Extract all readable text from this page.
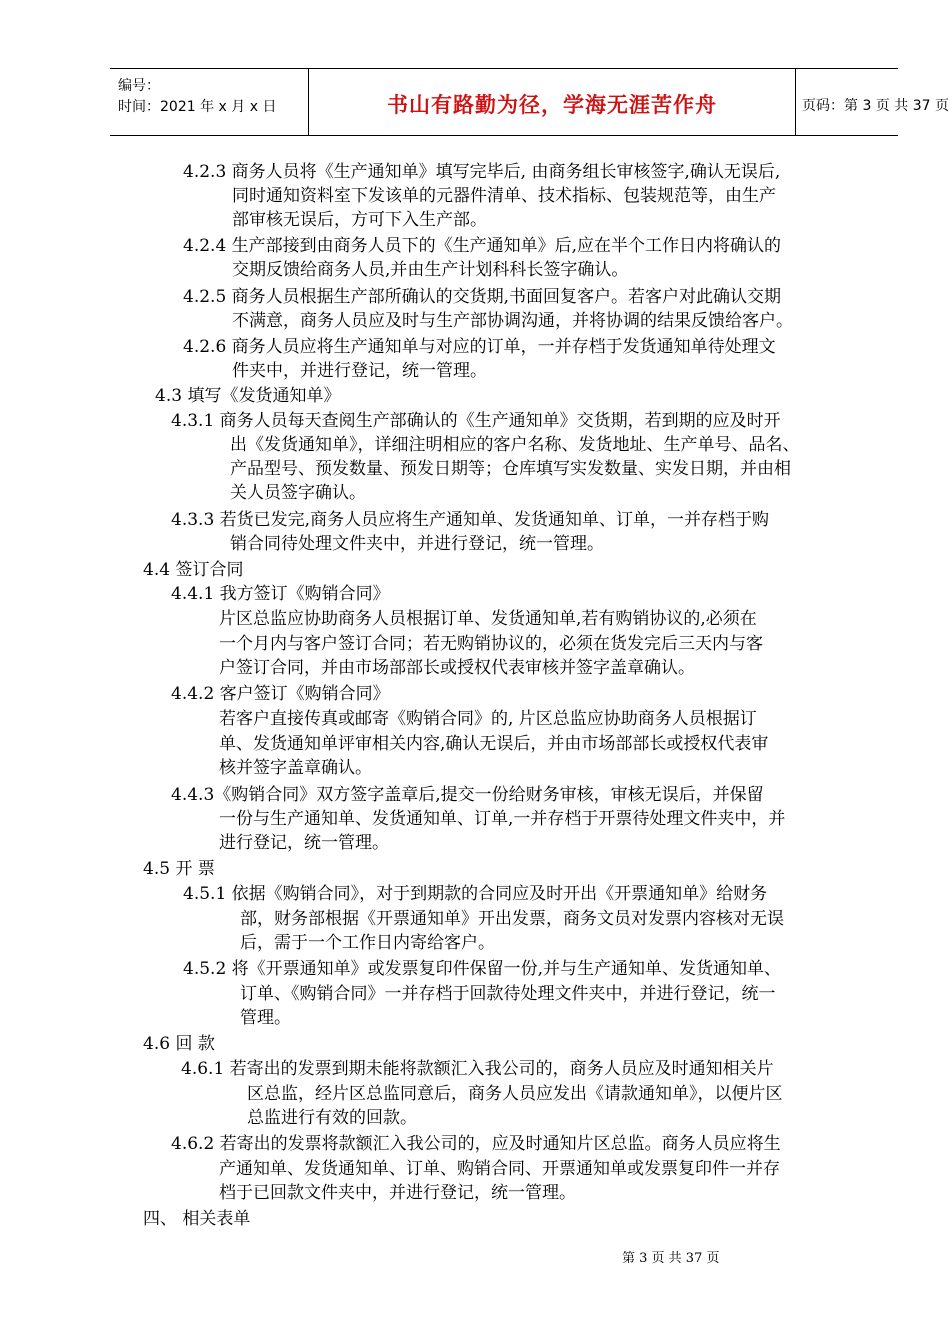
编号：
时间：2021 年 x 月 x 日	书山有路勤为径，学海无涯苦作舟	页码：第 3 页 共 37 页
4.2.3 商务人员将《生产通知单》填写完毕后, 由商务组长审核签字,确认无误后,
同时通知资料室下发该单的元器件清单、技术指标、包装规范等，由生产
部审核无误后，方可下入生产部。
4.2.4 生产部接到由商务人员下的《生产通知单》后,应在半个工作日内将确认的
交期反馈给商务人员,并由生产计划科科长签字确认。
4.2.5 商务人员根据生产部所确认的交货期,书面回复客户。若客户对此确认交期
不满意，商务人员应及时与生产部协调沟通，并将协调的结果反馈给客户。
4.2.6 商务人员应将生产通知单与对应的订单，一并存档于发货通知单待处理文
件夹中，并进行登记，统一管理。
4.3 填写《发货通知单》
4.3.1 商务人员每天查阅生产部确认的《生产通知单》交货期，若到期的应及时开
出《发货通知单》，详细注明相应的客户名称、发货地址、生产单号、品名、
产品型号、预发数量、预发日期等；仓库填写实发数量、实发日期，并由相
关人员签字确认。
4.3.3 若货已发完,商务人员应将生产通知单、发货通知单、订单，一并存档于购
销合同待处理文件夹中，并进行登记，统一管理。
4.4 签订合同
4.4.1 我方签订《购销合同》
片区总监应协助商务人员根据订单、发货通知单,若有购销协议的,必须在
一个月内与客户签订合同；若无购销协议的，必须在货发完后三天内与客
户签订合同，并由市场部部长或授权代表审核并签字盖章确认。
4.4.2 客户签订《购销合同》
若客户直接传真或邮寄《购销合同》的, 片区总监应协助商务人员根据订
单、发货通知单评审相关内容,确认无误后，并由市场部部长或授权代表审
核并签字盖章确认。
4.4.3《购销合同》双方签字盖章后,提交一份给财务审核，审核无误后，并保留
一份与生产通知单、发货通知单、订单,一并存档于开票待处理文件夹中，并
进行登记，统一管理。
4.5 开 票
4.5.1 依据《购销合同》，对于到期款的合同应及时开出《开票通知单》给财务
部，财务部根据《开票通知单》开出发票，商务文员对发票内容核对无误
后，需于一个工作日内寄给客户。
4.5.2 将《开票通知单》或发票复印件保留一份,并与生产通知单、发货通知单、
订单、《购销合同》一并存档于回款待处理文件夹中，并进行登记，统一
管理。
4.6 回 款
4.6.1 若寄出的发票到期未能将款额汇入我公司的，商务人员应及时通知相关片
区总监，经片区总监同意后，商务人员应发出《请款通知单》，以便片区
总监进行有效的回款。
4.6.2 若寄出的发票将款额汇入我公司的，应及时通知片区总监。商务人员应将生
产通知单、发货通知单、订单、购销合同、开票通知单或发票复印件一并存
档于已回款文件夹中，并进行登记，统一管理。
四、 相关表单
第 3 页 共 37 页
